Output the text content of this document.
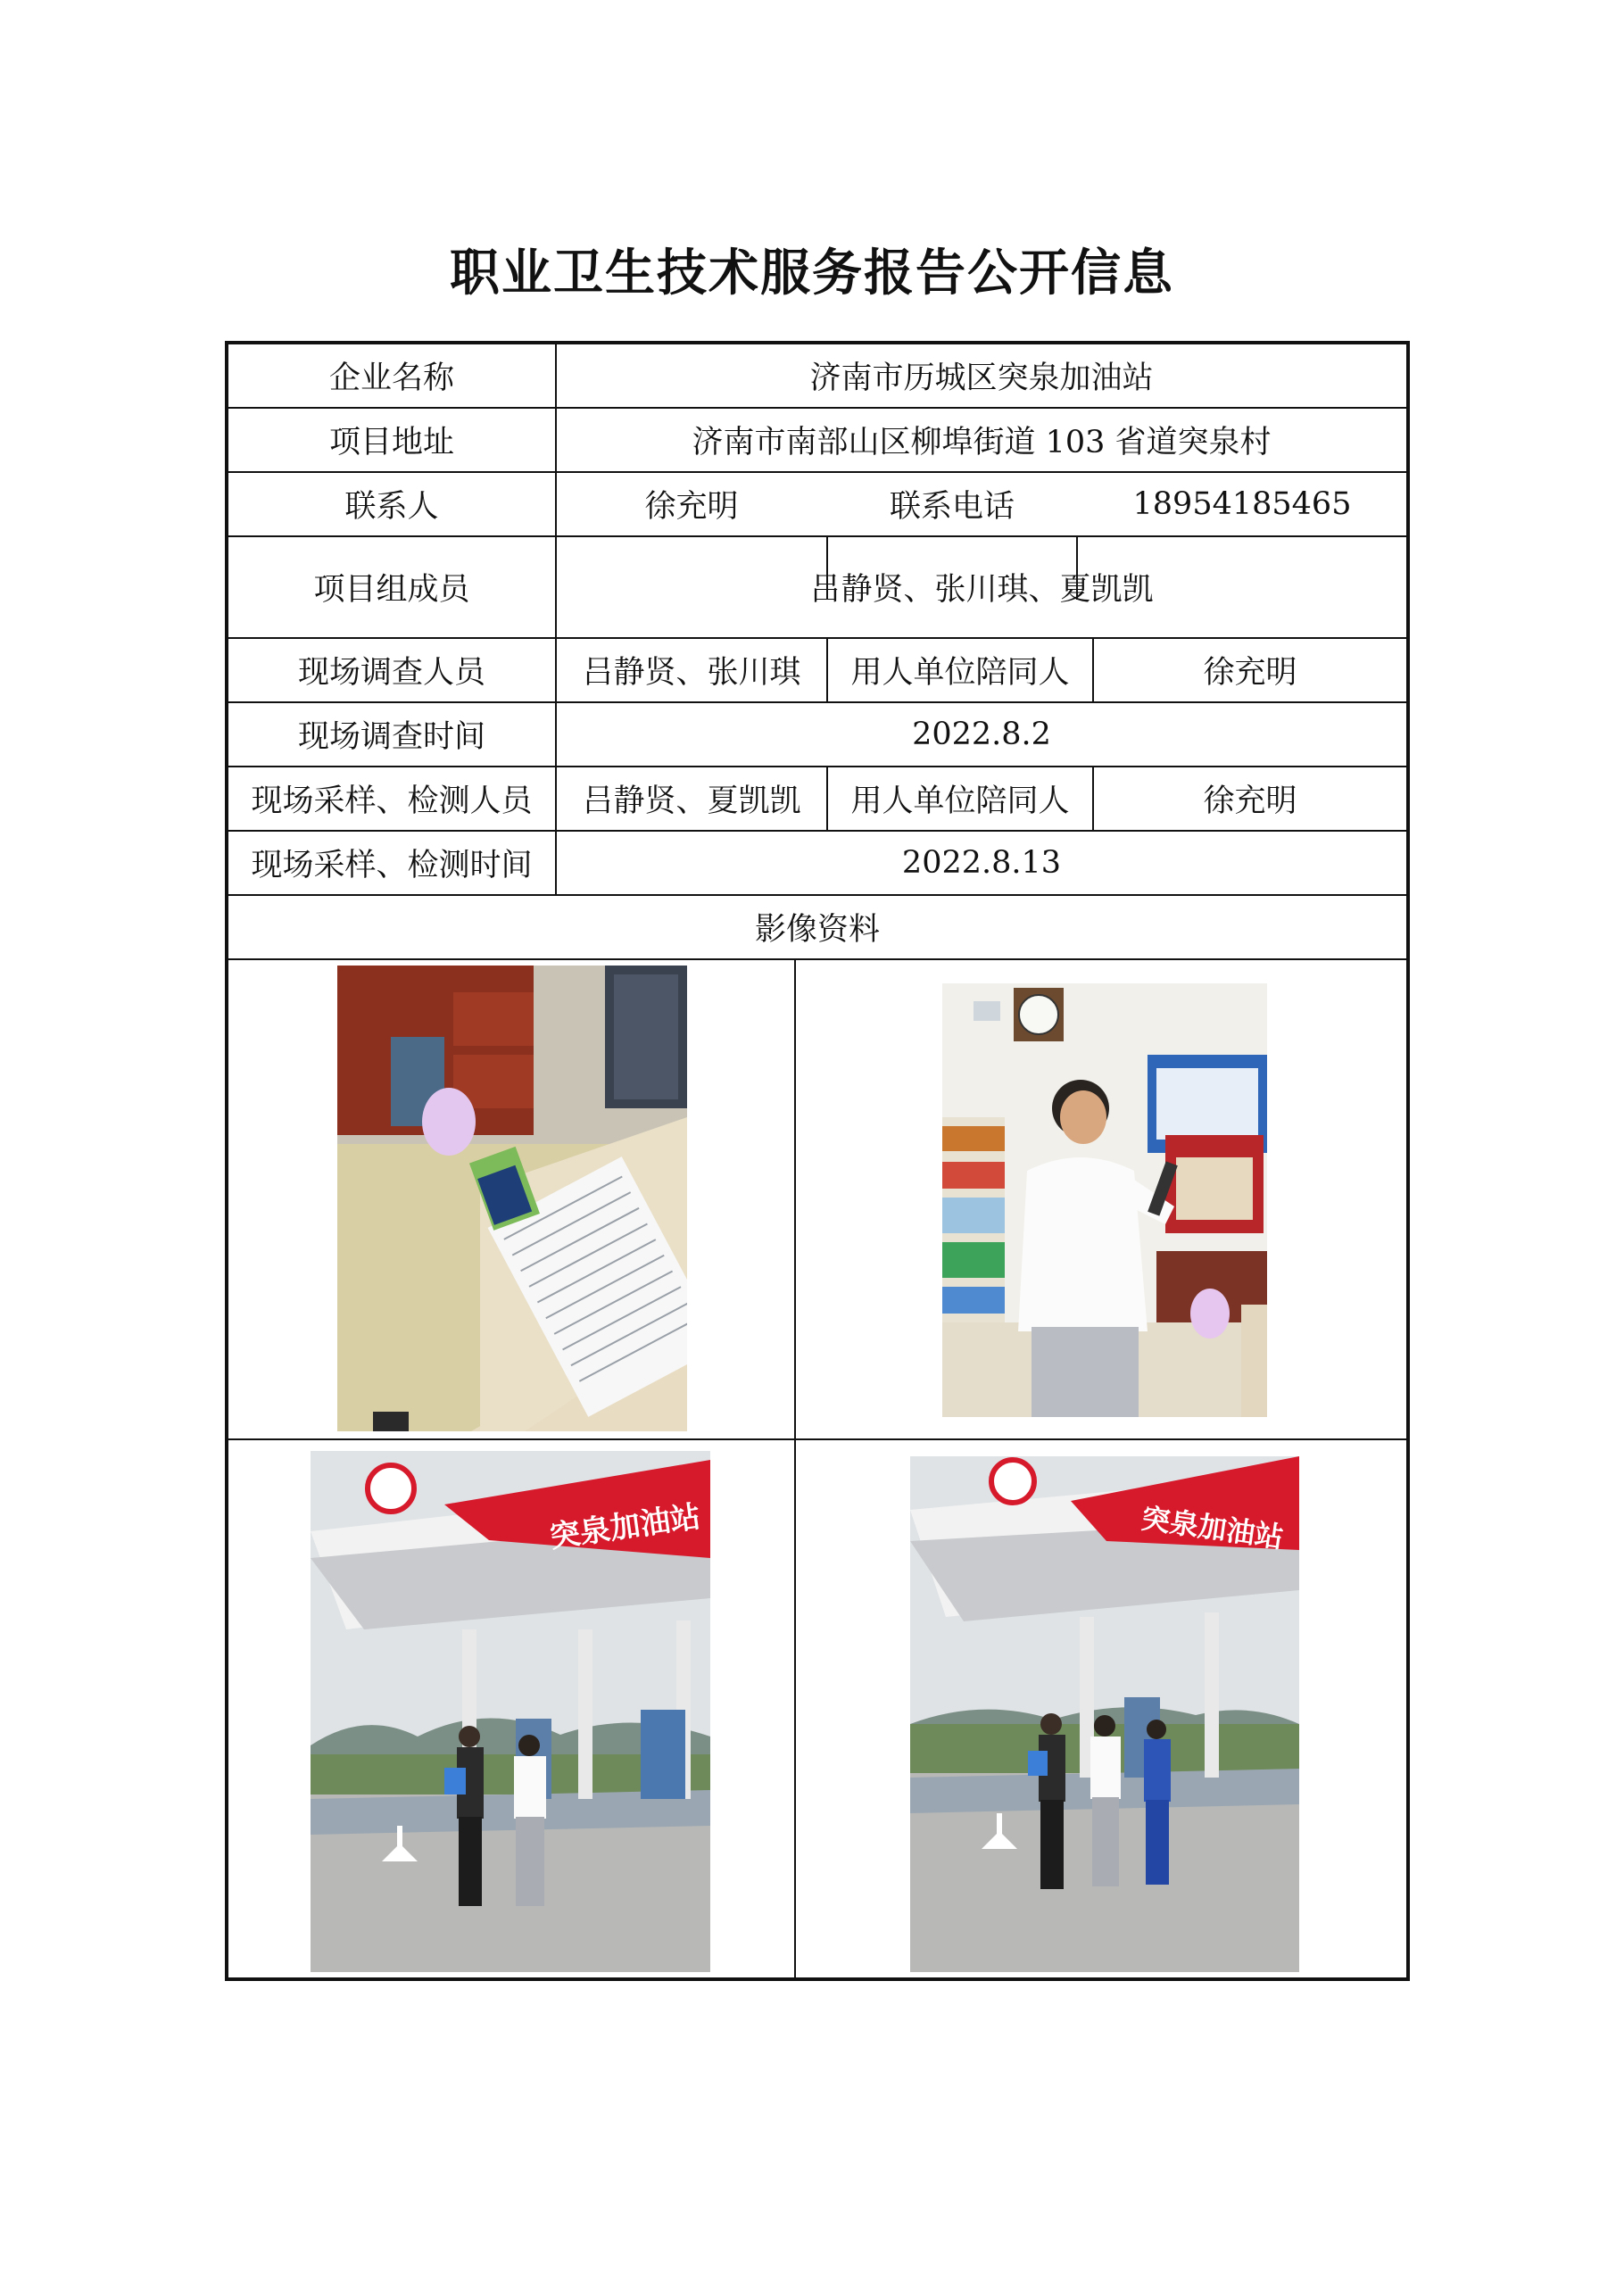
职业卫生技术服务报告公开信息
企业名称	济南市历城区突泉加油站
项目地址	济南市南部山区柳埠街道 103 省道突泉村
联系人	徐充明	联系电话	18954185465
项目组成员	吕静贤、张川琪、夏凯凯
现场调查人员	吕静贤、张川琪	用人单位陪同人	徐充明
现场调查时间	2022.8.2
现场采样、检测人员	吕静贤、夏凯凯	用人单位陪同人	徐充明
现场采样、检测时间	2022.8.13
影像资料
突泉加油站	突泉加油站
